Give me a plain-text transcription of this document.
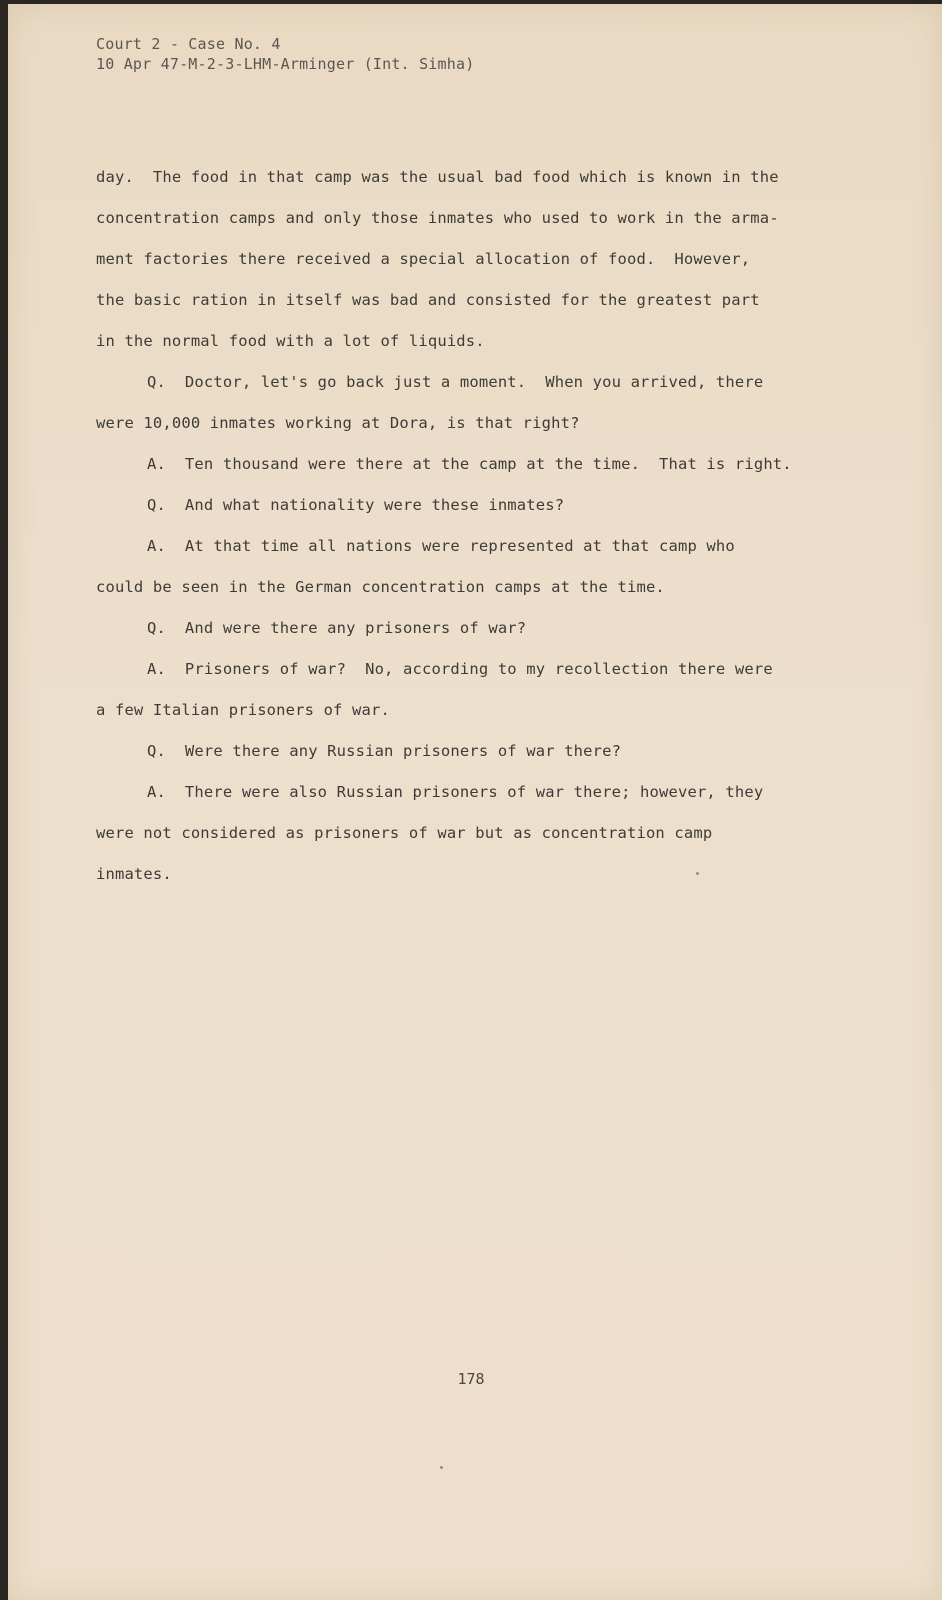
Court 2 - Case No. 4
10 Apr 47-M-2-3-LHM-Arminger (Int. Simha)
day.  The food in that camp was the usual bad food which is known in the
concentration camps and only those inmates who used to work in the arma-
ment factories there received a special allocation of food.  However,
the basic ration in itself was bad and consisted for the greatest part
in the normal food with a lot of liquids.
Q.  Doctor, let's go back just a moment.  When you arrived, there
were 10,000 inmates working at Dora, is that right?
A.  Ten thousand were there at the camp at the time.  That is right.
Q.  And what nationality were these inmates?
A.  At that time all nations were represented at that camp who
could be seen in the German concentration camps at the time.
Q.  And were there any prisoners of war?
A.  Prisoners of war?  No, according to my recollection there were
a few Italian prisoners of war.
Q.  Were there any Russian prisoners of war there?
A.  There were also Russian prisoners of war there; however, they
were not considered as prisoners of war but as concentration camp
inmates.
178
